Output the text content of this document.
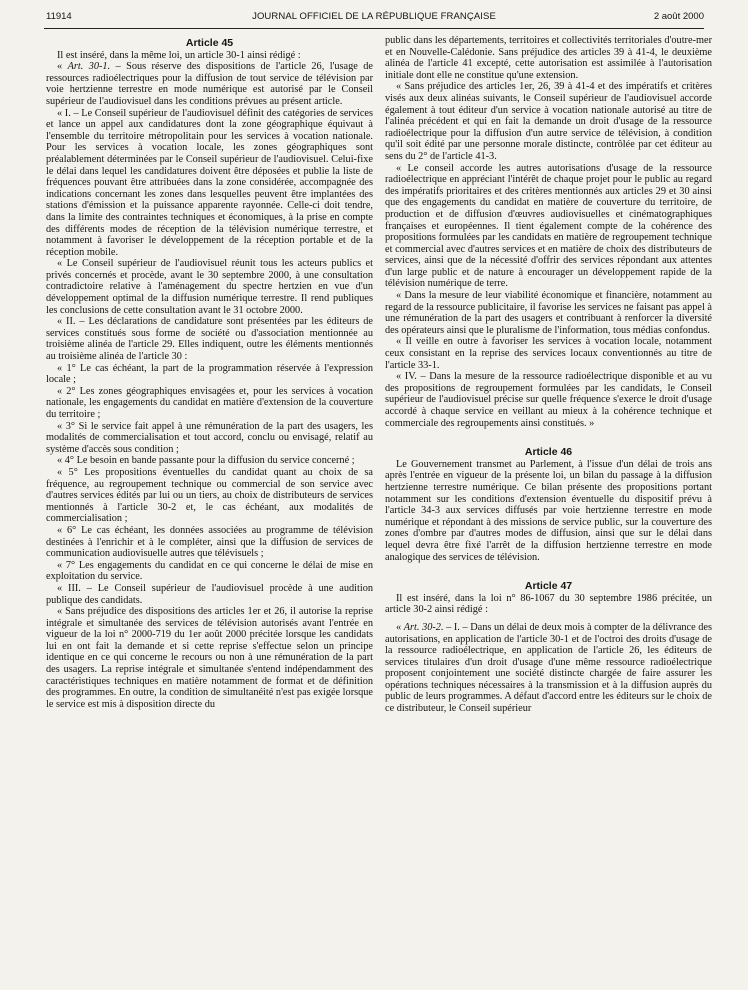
11914	JOURNAL OFFICIEL DE LA RÉPUBLIQUE FRANÇAISE	2 août 2000

Article 45

Il est inséré, dans la même loi, un article 30-1 ainsi rédigé :

« Art. 30-1. – Sous réserve des dispositions de l'article 26, l'usage de ressources radioélectriques pour la diffusion de tout service de télévision par voie hertzienne terrestre en mode numérique est autorisé par le Conseil supérieur de l'audiovisuel dans les conditions prévues au présent article.

« I. – Le Conseil supérieur de l'audiovisuel définit des catégories de services et lance un appel aux candidatures dont la zone géographique équivaut à l'ensemble du territoire métropolitain pour les services à vocation nationale. Pour les services à vocation locale, les zones géographiques sont préalablement déterminées par le Conseil supérieur de l'audiovisuel. Celui-fixe le délai dans lequel les candidatures doivent être déposées et publie la liste de fréquences pouvant être attribuées dans la zone considérée, accompagnée des indications concernant les zones dans lesquelles peuvent être implantées des stations d'émission et la puissance apparente rayonnée. Celle-ci doit tendre, dans la limite des contraintes techniques et économiques, à la prise en compte des différents modes de réception de la télévision numérique terrestre, et notamment à favoriser le développement de la réception portable et de la réception mobile.

« Le Conseil supérieur de l'audiovisuel réunit tous les acteurs publics et privés concernés et procède, avant le 30 septembre 2000, à une consultation contradictoire relative à l'aménagement du spectre hertzien en vue d'un développement optimal de la diffusion numérique terrestre. Il rend publiques les conclusions de cette consultation avant le 31 octobre 2000.

« II. – Les déclarations de candidature sont présentées par les éditeurs de services constitués sous forme de société ou d'association mentionnée au troisième alinéa de l'article 29. Elles indiquent, outre les éléments mentionnés au troisième alinéa de l'article 30 :

« 1° Le cas échéant, la part de la programmation réservée à l'expression locale ;

« 2° Les zones géographiques envisagées et, pour les services à vocation nationale, les engagements du candidat en matière d'extension de la couverture du territoire ;

« 3° Si le service fait appel à une rémunération de la part des usagers, les modalités de commercialisation et tout accord, conclu ou envisagé, relatif au système d'accès sous condition ;

« 4° Le besoin en bande passante pour la diffusion du service concerné ;

« 5° Les propositions éventuelles du candidat quant au choix de sa fréquence, au regroupement technique ou commercial de son service avec d'autres services édités par lui ou un tiers, au choix de distributeurs de services mentionnés à l'article 30-2 et, le cas échéant, aux modalités de commercialisation ;

« 6° Le cas échéant, les données associées au programme de télévision destinées à l'enrichir et à le compléter, ainsi que la diffusion de services de communication audiovisuelle autres que télévisuels ;

« 7° Les engagements du candidat en ce qui concerne le délai de mise en exploitation du service.

« III. – Le Conseil supérieur de l'audiovisuel procède à une audition publique des candidats.

« Sans préjudice des dispositions des articles 1er et 26, il autorise la reprise intégrale et simultanée des services de télévision autorisés avant l'entrée en vigueur de la loi n° 2000-719 du 1er août 2000 précitée lorsque les candidats lui en ont fait la demande et si cette reprise s'effectue selon un principe identique en ce qui concerne le recours ou non à une rémunération de la part des usagers. La reprise intégrale et simultanée s'entend indépendamment des caractéristiques techniques en matière notamment de format et de définition des programmes. En outre, la condition de simultanéité n'est pas exigée lorsque le service est mis à disposition directe du

public dans les départements, territoires et collectivités territoriales d'outre-mer et en Nouvelle-Calédonie. Sans préjudice des articles 39 à 41-4, le deuxième alinéa de l'article 41 excepté, cette autorisation est assimilée à l'autorisation initiale dont elle ne constitue qu'une extension.

« Sans préjudice des articles 1er, 26, 39 à 41-4 et des impératifs et critères visés aux deux alinéas suivants, le Conseil supérieur de l'audiovisuel accorde également à tout éditeur d'un service à vocation nationale autorisé au titre de l'alinéa précédent et qui en fait la demande un droit d'usage de la ressource radioélectrique pour la diffusion d'un autre service de télévision, à condition qu'il soit édité par une personne morale distincte, contrôlée par cet éditeur au sens du 2° de l'article 41-3.

« Le conseil accorde les autres autorisations d'usage de la ressource radioélectrique en appréciant l'intérêt de chaque projet pour le public au regard des impératifs prioritaires et des critères mentionnés aux articles 29 et 30 ainsi que des engagements du candidat en matière de couverture du territoire, de production et de diffusion d'œuvres audiovisuelles et cinématographiques françaises et européennes. Il tient également compte de la cohérence des propositions formulées par les candidats en matière de regroupement technique et commercial avec d'autres services et en matière de choix des distributeurs de services, ainsi que de la nécessité d'offrir des services répondant aux attentes d'un large public et de nature à encourager un développement rapide de la télévision numérique de terre.

« Dans la mesure de leur viabilité économique et financière, notamment au regard de la ressource publicitaire, il favorise les services ne faisant pas appel à une rémunération de la part des usagers et contribuant à renforcer la diversité des opérateurs ainsi que le pluralisme de l'information, tous médias confondus.

« Il veille en outre à favoriser les services à vocation locale, notamment ceux consistant en la reprise des services locaux conventionnés au titre de l'article 33-1.

« IV. – Dans la mesure de la ressource radioélectrique disponible et au vu des propositions de regroupement formulées par les candidats, le Conseil supérieur de l'audiovisuel précise sur quelle fréquence s'exerce le droit d'usage accordé à chaque service en veillant au mieux à la cohérence technique et commerciale des regroupements ainsi constitués. »

Article 46

Le Gouvernement transmet au Parlement, à l'issue d'un délai de trois ans après l'entrée en vigueur de la présente loi, un bilan du passage à la diffusion hertzienne terrestre numérique. Ce bilan présente des propositions portant notamment sur les conditions d'extension éventuelle du dispositif prévu à l'article 34-3 aux services diffusés par voie hertzienne terrestre en mode numérique et répondant à des missions de service public, sur la couverture des zones d'ombre par d'autres modes de diffusion, ainsi que sur le délai dans lequel devra être fixé l'arrêt de la diffusion hertzienne terrestre en mode analogique des services de télévision.

Article 47

Il est inséré, dans la loi n° 86-1067 du 30 septembre 1986 précitée, un article 30-2 ainsi rédigé :

« Art. 30-2. – I. – Dans un délai de deux mois à compter de la délivrance des autorisations, en application de l'article 30-1 et de l'octroi des droits d'usage de la ressource radioélectrique, en application de l'article 26, les éditeurs de services titulaires d'un droit d'usage d'une même ressource radioélectrique proposent conjointement une société distincte chargée de faire assurer les opérations techniques nécessaires à la transmission et à la diffusion auprès du public de leurs programmes. A défaut d'accord entre les éditeurs sur le choix de ce distributeur, le Conseil supérieur
